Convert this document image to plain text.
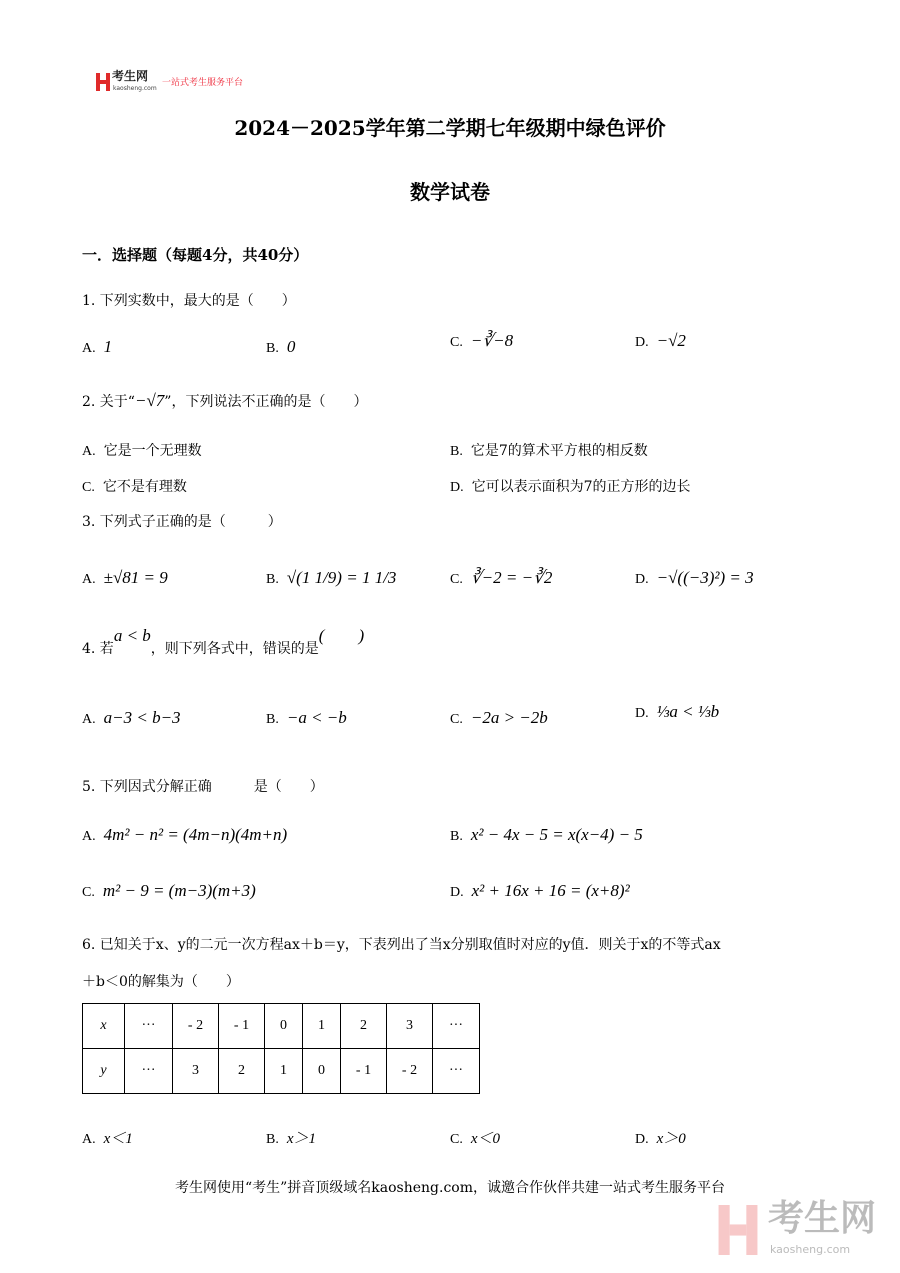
考生网
kaosheng.com
一站式考生服务平台
2024－2025学年第二学期七年级期中绿色评价
数学试卷
一．选择题（每题4分，共40分）
1. 下列实数中，最大的是（　　）
A. 1	B. 0	C. −∛−8	D. −√2
2. 关于“−√7”，下列说法不正确的是（　　）
A. 它是一个无理数	B. 它是7的算术平方根的相反数
C. 它不是有理数	D. 它可以表示面积为7的正方形的边长
3. 下列式子正确的是（　　　）
A. ±√81 = 9	B. √(1 1/9) = 1 1/3	C. ∛−2 = −∛2	D. −√((−3)²) = 3
4. 若a < b，则下列各式中，错误的是(　　)
A. a−3 < b−3	B. −a < −b	C. −2a > −2b	D. ⅓a < ⅓b
5. 下列因式分解正确　　　是（　　）
A. 4m² − n² = (4m−n)(4m+n)	B. x² − 4x − 5 = x(x−4) − 5
C. m² − 9 = (m−3)(m+3)	D. x² + 16x + 16 = (x+8)²
6. 已知关于x、y的二元一次方程ax＋b＝y，下表列出了当x分别取值时对应的y值．则关于x的不等式ax
＋b＜0的解集为（　　）
x	···	- 2	- 1	0	1	2	3	···
y	···	3	2	1	0	- 1	- 2	···
A. x＜1	B. x＞1	C. x＜0	D. x＞0
考生网使用“考生”拼音顶级域名kaosheng.com，诚邀合作伙伴共建一站式考生服务平台
考生网
kaosheng.com
